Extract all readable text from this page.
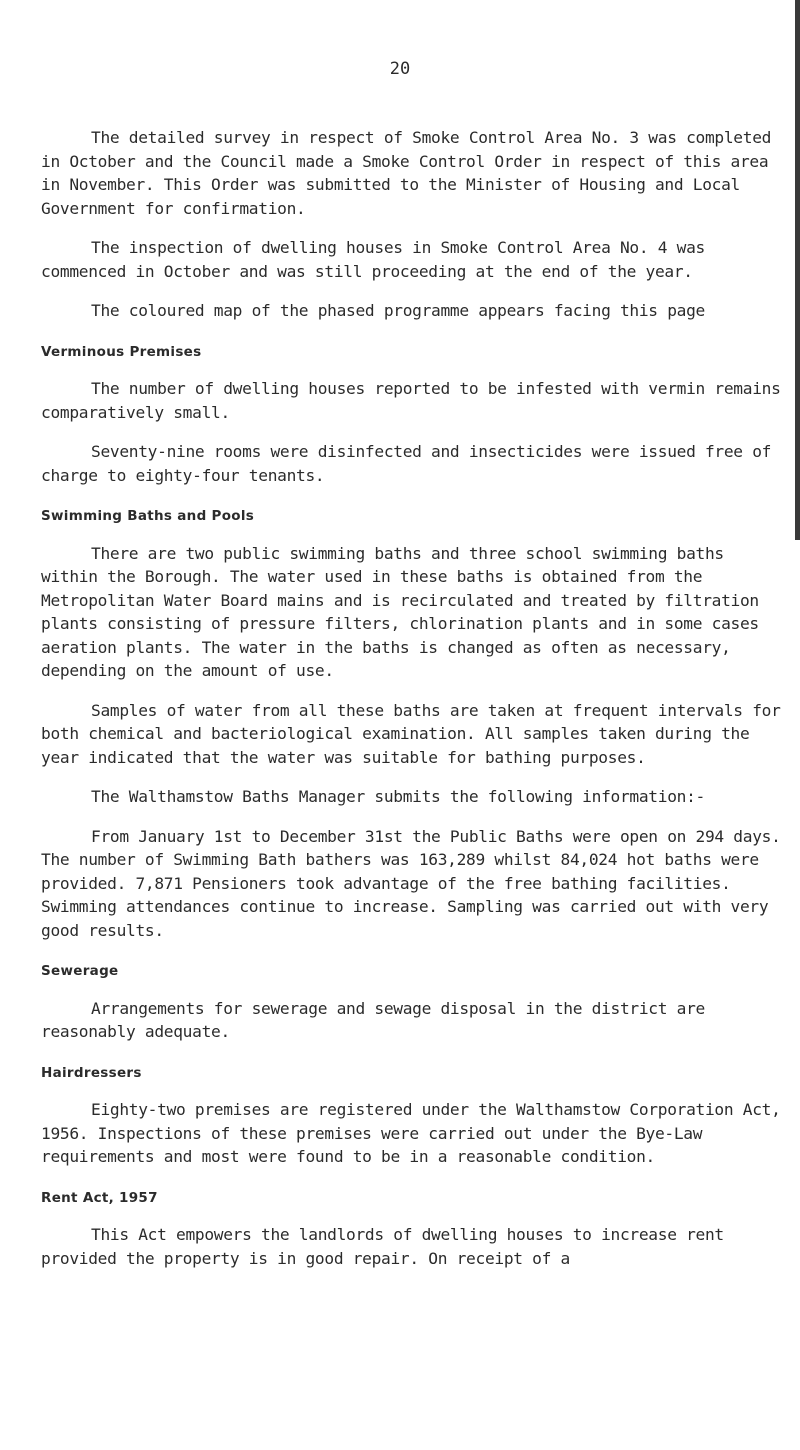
20

The detailed survey in respect of Smoke Control Area No. 3 was completed in October and the Council made a Smoke Control Order in respect of this area in November. This Order was submitted to the Minister of Housing and Local Government for confirmation.

The inspection of dwelling houses in Smoke Control Area No. 4 was commenced in October and was still proceeding at the end of the year.

The coloured map of the phased programme appears facing this page

Verminous Premises

The number of dwelling houses reported to be infested with vermin remains comparatively small.

Seventy-nine rooms were disinfected and insecticides were issued free of charge to eighty-four tenants.

Swimming Baths and Pools

There are two public swimming baths and three school swimming baths within the Borough. The water used in these baths is obtained from the Metropolitan Water Board mains and is recirculated and treated by filtration plants consisting of pressure filters, chlorination plants and in some cases aeration plants. The water in the baths is changed as often as necessary, depending on the amount of use.

Samples of water from all these baths are taken at frequent intervals for both chemical and bacteriological examination. All samples taken during the year indicated that the water was suitable for bathing purposes.

The Walthamstow Baths Manager submits the following information:-

From January 1st to December 31st the Public Baths were open on 294 days. The number of Swimming Bath bathers was 163,289 whilst 84,024 hot baths were provided. 7,871 Pensioners took advantage of the free bathing facilities. Swimming attendances continue to increase. Sampling was carried out with very good results.

Sewerage

Arrangements for sewerage and sewage disposal in the district are reasonably adequate.

Hairdressers

Eighty-two premises are registered under the Walthamstow Corporation Act, 1956. Inspections of these premises were carried out under the Bye-Law requirements and most were found to be in a reasonable condition.

Rent Act, 1957

This Act empowers the landlords of dwelling houses to increase rent provided the property is in good repair. On receipt of a
